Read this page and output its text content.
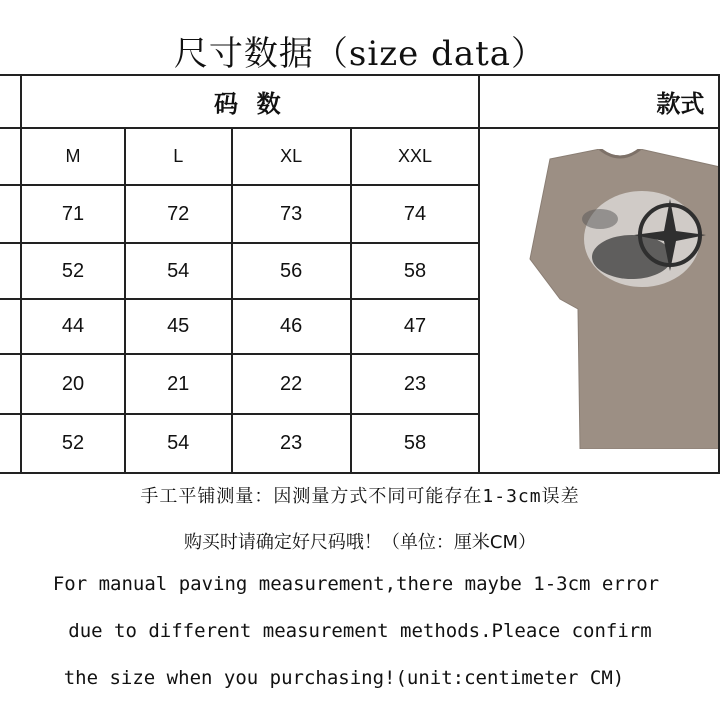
尺寸数据（size data）
	码 数				款式
	M	L	XL	XXL	

	71	72	73	74	
	52	54	56	58	
	44	45	46	47	
	20	21	22	23	
	52	54	23	58	
手工平铺测量：因测量方式不同可能存在1-3cm误差
购买时请确定好尺码哦！（单位：厘米CM）
For manual paving measurement,there maybe 1-3cm error
due to different measurement methods.Pleace confirm
the size when you purchasing!(unit:centimeter CM)
